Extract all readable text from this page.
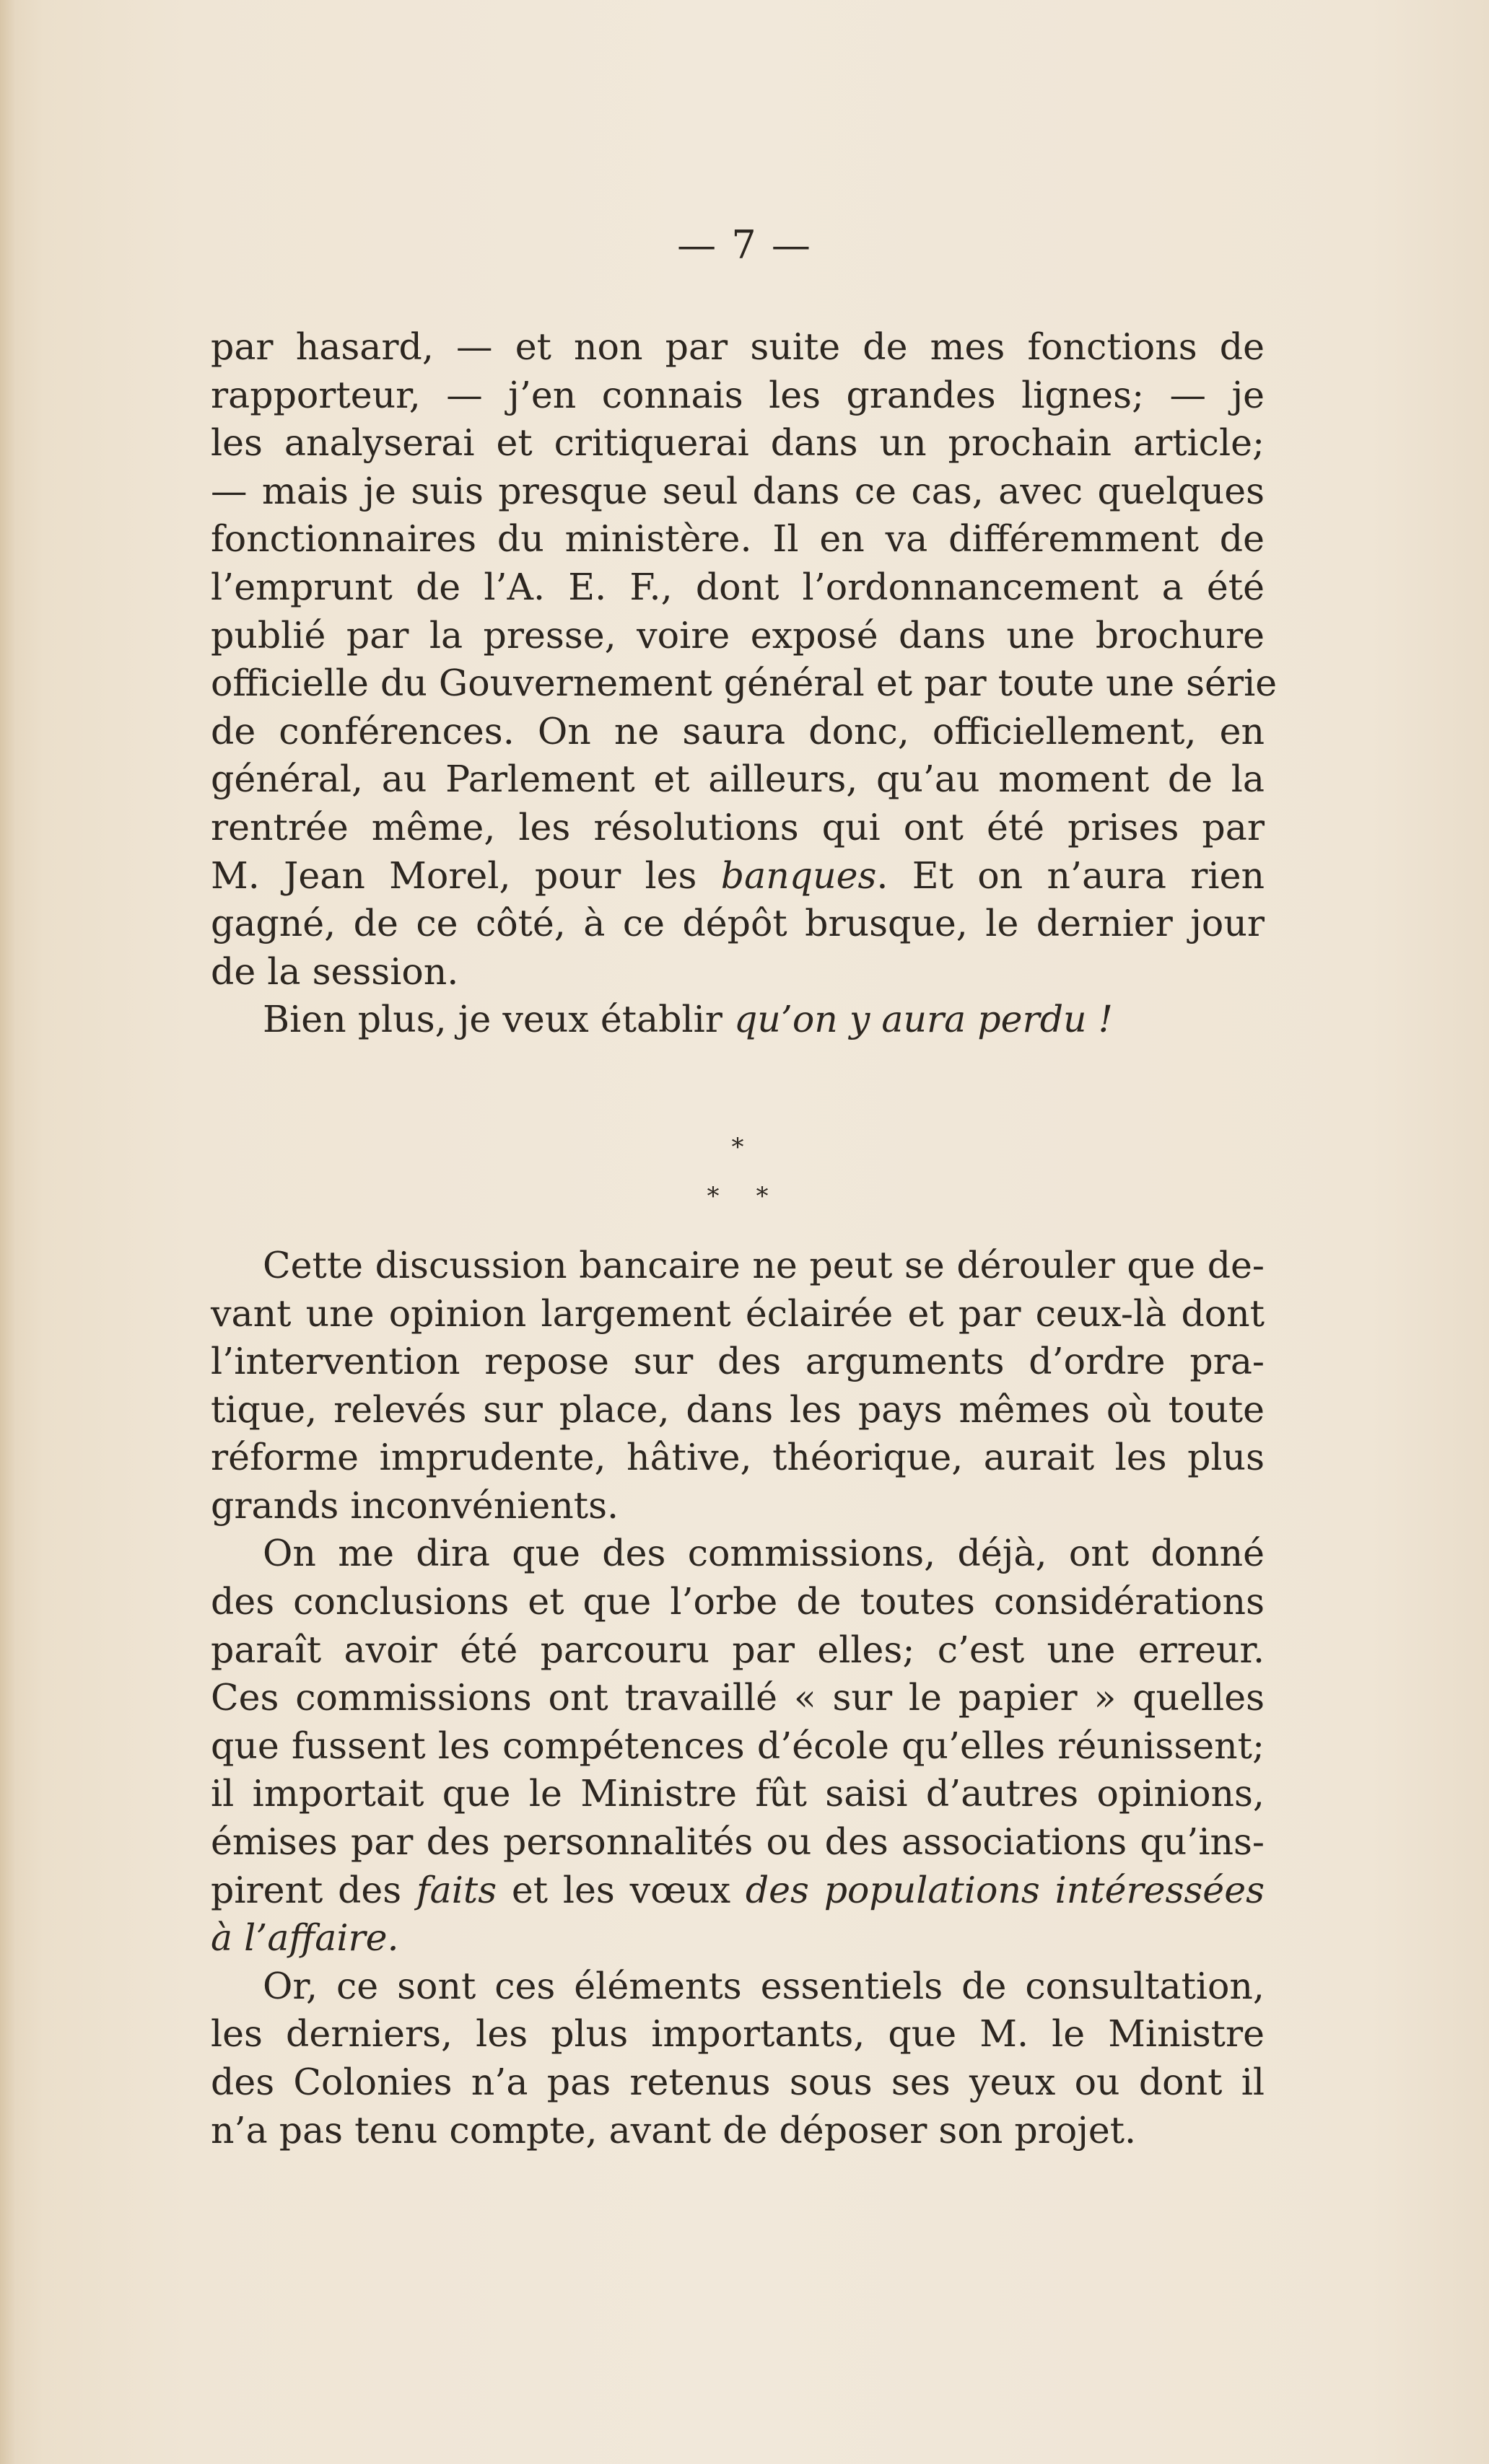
— 7 —

par hasard, — et non par suite de mes fonctions de
rapporteur, — j’en connais les grandes lignes; — je
les analyserai et critiquerai dans un prochain article;
— mais je suis presque seul dans ce cas, avec quelques
fonctionnaires du ministère. Il en va différemment de
l’emprunt de l’A. E. F., dont l’ordonnancement a été
publié par la presse, voire exposé dans une brochure
officielle du Gouvernement général et par toute une série
de conférences. On ne saura donc, officiellement, en
général, au Parlement et ailleurs, qu’au moment de la
rentrée même, les résolutions qui ont été prises par
M. Jean Morel, pour les banques. Et on n’aura rien
gagné, de ce côté, à ce dépôt brusque, le dernier jour
de la session.

Bien plus, je veux établir qu’on y aura perdu !

*
*	*

Cette discussion bancaire ne peut se dérouler que de-
vant une opinion largement éclairée et par ceux-là dont
l’intervention repose sur des arguments d’ordre pra-
tique, relevés sur place, dans les pays mêmes où toute
réforme imprudente, hâtive, théorique, aurait les plus
grands inconvénients.

On me dira que des commissions, déjà, ont donné
des conclusions et que l’orbe de toutes considérations
paraît avoir été parcouru par elles; c’est une erreur.
Ces commissions ont travaillé « sur le papier » quelles
que fussent les compétences d’école qu’elles réunissent;
il importait que le Ministre fût saisi d’autres opinions,
émises par des personnalités ou des associations qu’ins-
pirent des faits et les vœux des populations intéressées
à l’affaire.

Or, ce sont ces éléments essentiels de consultation,
les derniers, les plus importants, que M. le Ministre
des Colonies n’a pas retenus sous ses yeux ou dont il
n’a pas tenu compte, avant de déposer son projet.
